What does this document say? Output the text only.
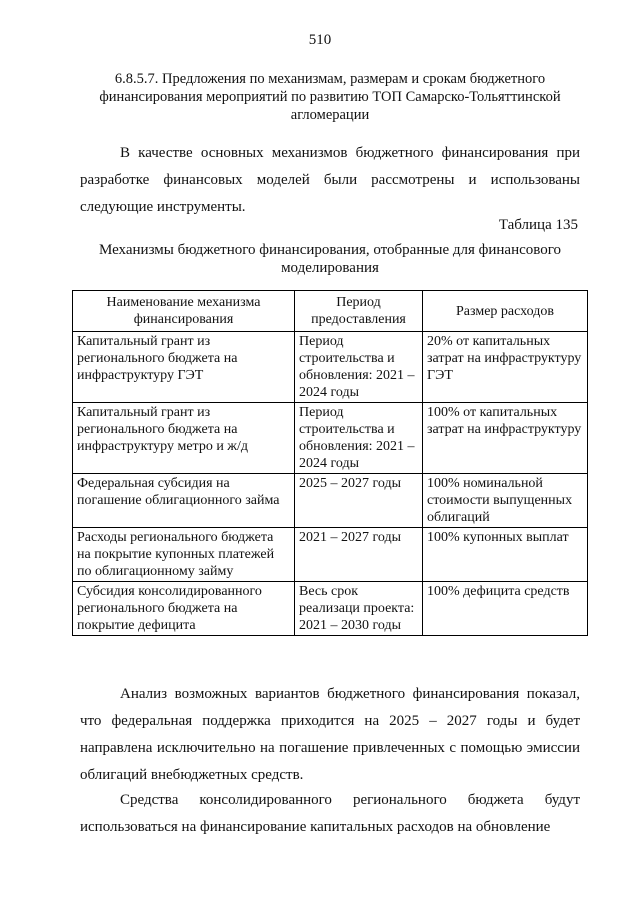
510
6.8.5.7. Предложения по механизмам, размерам и срокам бюджетного финансирования мероприятий по развитию ТОП Самарско-Тольяттинской агломерации

В качестве основных механизмов бюджетного финансирования при разработке финансовых моделей были рассмотрены и использованы следующие инструменты.

Таблица 135
Механизмы бюджетного финансирования, отобранные для финансового моделирования
Наименование механизма финансирования	Период предоставления	Размер расходов
Капитальный грант из регионального бюджета на инфраструктуру ГЭТ	Период строительства и обновления: 2021 – 2024 годы	20% от капитальных затрат на инфраструктуру ГЭТ
Капитальный грант из регионального бюджета на инфраструктуру метро и ж/д	Период строительства и обновления: 2021 – 2024 годы	100% от капитальных затрат на инфраструктуру
Федеральная субсидия на погашение облигационного займа	2025 – 2027 годы	100% номинальной стоимости выпущенных облигаций
Расходы регионального бюджета на покрытие купонных платежей по облигационному займу	2021 – 2027 годы	100% купонных выплат
Субсидия консолидированного регионального бюджета на покрытие дефицита	Весь срок реализаци проекта: 2021 – 2030 годы	100% дефицита средств

Анализ возможных вариантов бюджетного финансирования показал, что федеральная поддержка приходится на 2025 – 2027 годы и будет направлена исключительно на погашение привлеченных с помощью эмиссии облигаций внебюджетных средств.

Средства консолидированного регионального бюджета будут использоваться на финансирование капитальных расходов на обновление
